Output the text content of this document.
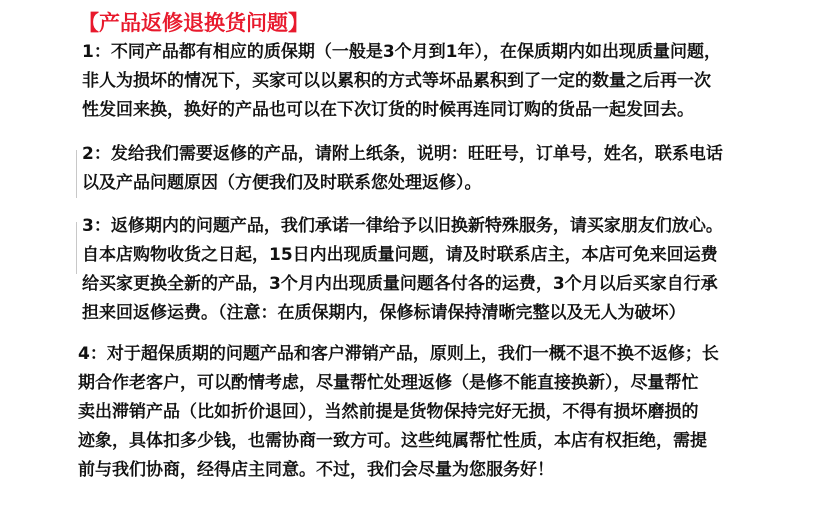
【产品返修退换货问题】

1：不同产品都有相应的质保期（一般是3个月到1年），在保质期内如出现质量问题，
非人为损坏的情况下，买家可以以累积的方式等坏品累积到了一定的数量之后再一次
性发回来换，换好的产品也可以在下次订货的时候再连同订购的货品一起发回去。

2：发给我们需要返修的产品，请附上纸条，说明：旺旺号，订单号，姓名，联系电话
以及产品问题原因（方便我们及时联系您处理返修）。

3：返修期内的问题产品，我们承诺一律给予以旧换新特殊服务，请买家朋友们放心。
自本店购物收货之日起，15日内出现质量问题，请及时联系店主，本店可免来回运费
给买家更换全新的产品，3个月内出现质量问题各付各的运费，3个月以后买家自行承
担来回返修运费。（注意：在质保期内，保修标请保持清晰完整以及无人为破坏）

4：对于超保质期的问题产品和客户滞销产品，原则上，我们一概不退不换不返修；长
期合作老客户，可以酌情考虑，尽量帮忙处理返修（是修不能直接换新），尽量帮忙
卖出滞销产品（比如折价退回），当然前提是货物保持完好无损，不得有损坏磨损的
迹象，具体扣多少钱，也需协商一致方可。这些纯属帮忙性质，本店有权拒绝，需提
前与我们协商，经得店主同意。不过，我们会尽量为您服务好！
